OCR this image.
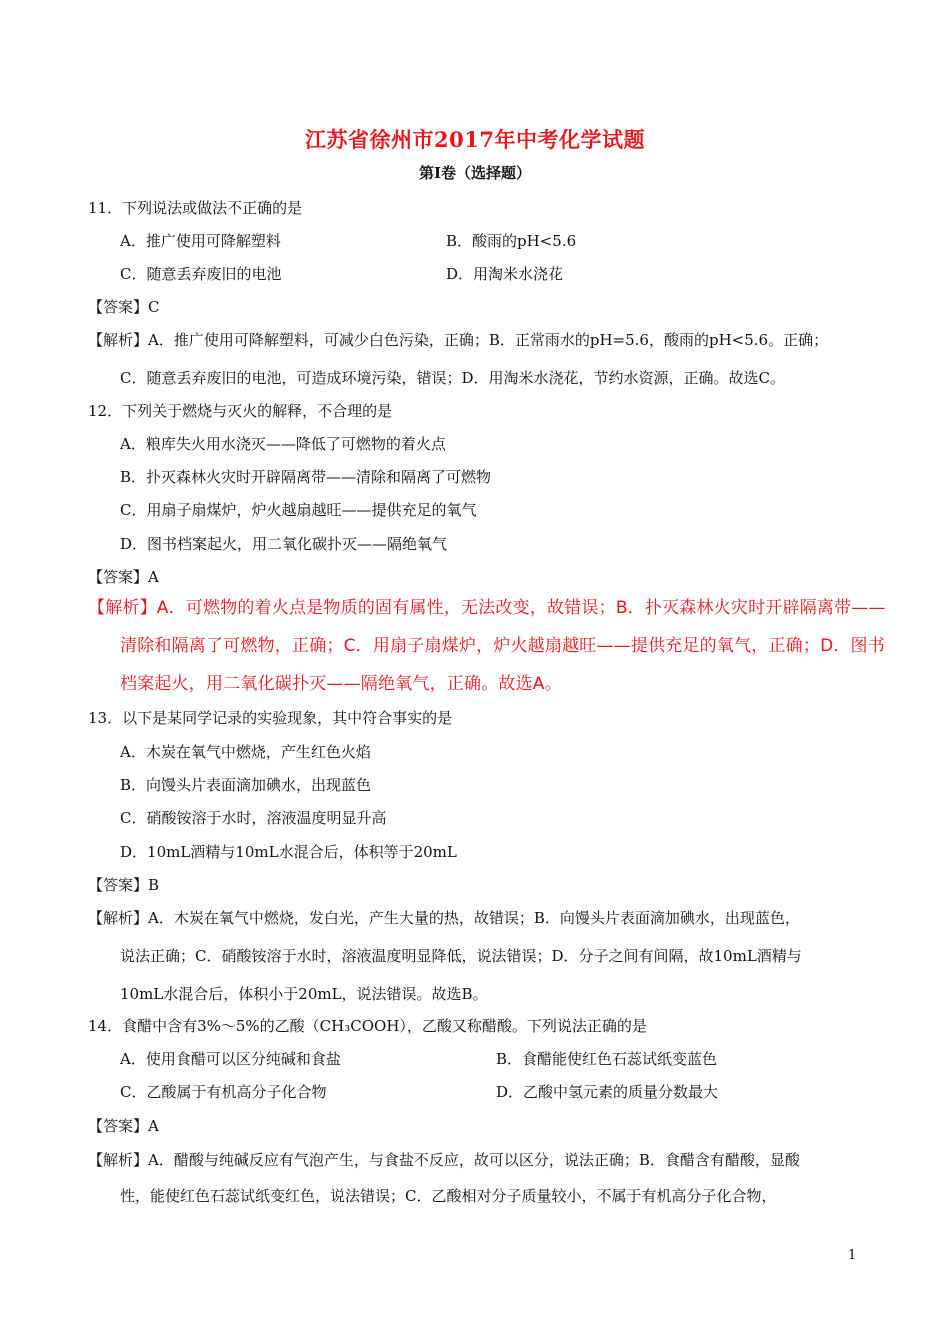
江苏省徐州市2017年中考化学试题
第Ⅰ卷（选择题）
11．下列说法或做法不正确的是
A．推广使用可降解塑料	B．酸雨的pH<5.6
C．随意丢弃废旧的电池	D．用淘米水浇花
【答案】C
【解析】A．推广使用可降解塑料，可减少白色污染，正确；B．正常雨水的pH=5.6，酸雨的pH<5.6。正确；
C．随意丢弃废旧的电池，可造成环境污染，错误；D．用淘米水浇花，节约水资源，正确。故选C。
12．下列关于燃烧与灭火的解释，不合理的是
A．粮库失火用水浇灭——降低了可燃物的着火点
B．扑灭森林火灾时开辟隔离带——清除和隔离了可燃物
C．用扇子扇煤炉，炉火越扇越旺——提供充足的氧气
D．图书档案起火，用二氧化碳扑灭——隔绝氧气
【答案】A
【解析】A．可燃物的着火点是物质的固有属性，无法改变，故错误；B．扑灭森林火灾时开辟隔离带——
清除和隔离了可燃物，正确；C．用扇子扇煤炉，炉火越扇越旺——提供充足的氧气，正确；D．图书
档案起火，用二氧化碳扑灭——隔绝氧气，正确。故选A。
13．以下是某同学记录的实验现象，其中符合事实的是
A．木炭在氧气中燃烧，产生红色火焰
B．向馒头片表面滴加碘水，出现蓝色
C．硝酸铵溶于水时，溶液温度明显升高
D．10mL酒精与10mL水混合后，体积等于20mL
【答案】B
【解析】A．木炭在氧气中燃烧，发白光，产生大量的热，故错误；B．向馒头片表面滴加碘水，出现蓝色，
说法正确；C．硝酸铵溶于水时，溶液温度明显降低，说法错误；D．分子之间有间隔，故10mL酒精与
10mL水混合后，体积小于20mL，说法错误。故选B。
14．食醋中含有3%～5%的乙酸（CH₃COOH），乙酸又称醋酸。下列说法正确的是
A．使用食醋可以区分纯碱和食盐	B．食醋能使红色石蕊试纸变蓝色
C．乙酸属于有机高分子化合物	D．乙酸中氢元素的质量分数最大
【答案】A
【解析】A．醋酸与纯碱反应有气泡产生，与食盐不反应，故可以区分，说法正确；B．食醋含有醋酸，显酸
性，能使红色石蕊试纸变红色，说法错误；C．乙酸相对分子质量较小，不属于有机高分子化合物，
1
